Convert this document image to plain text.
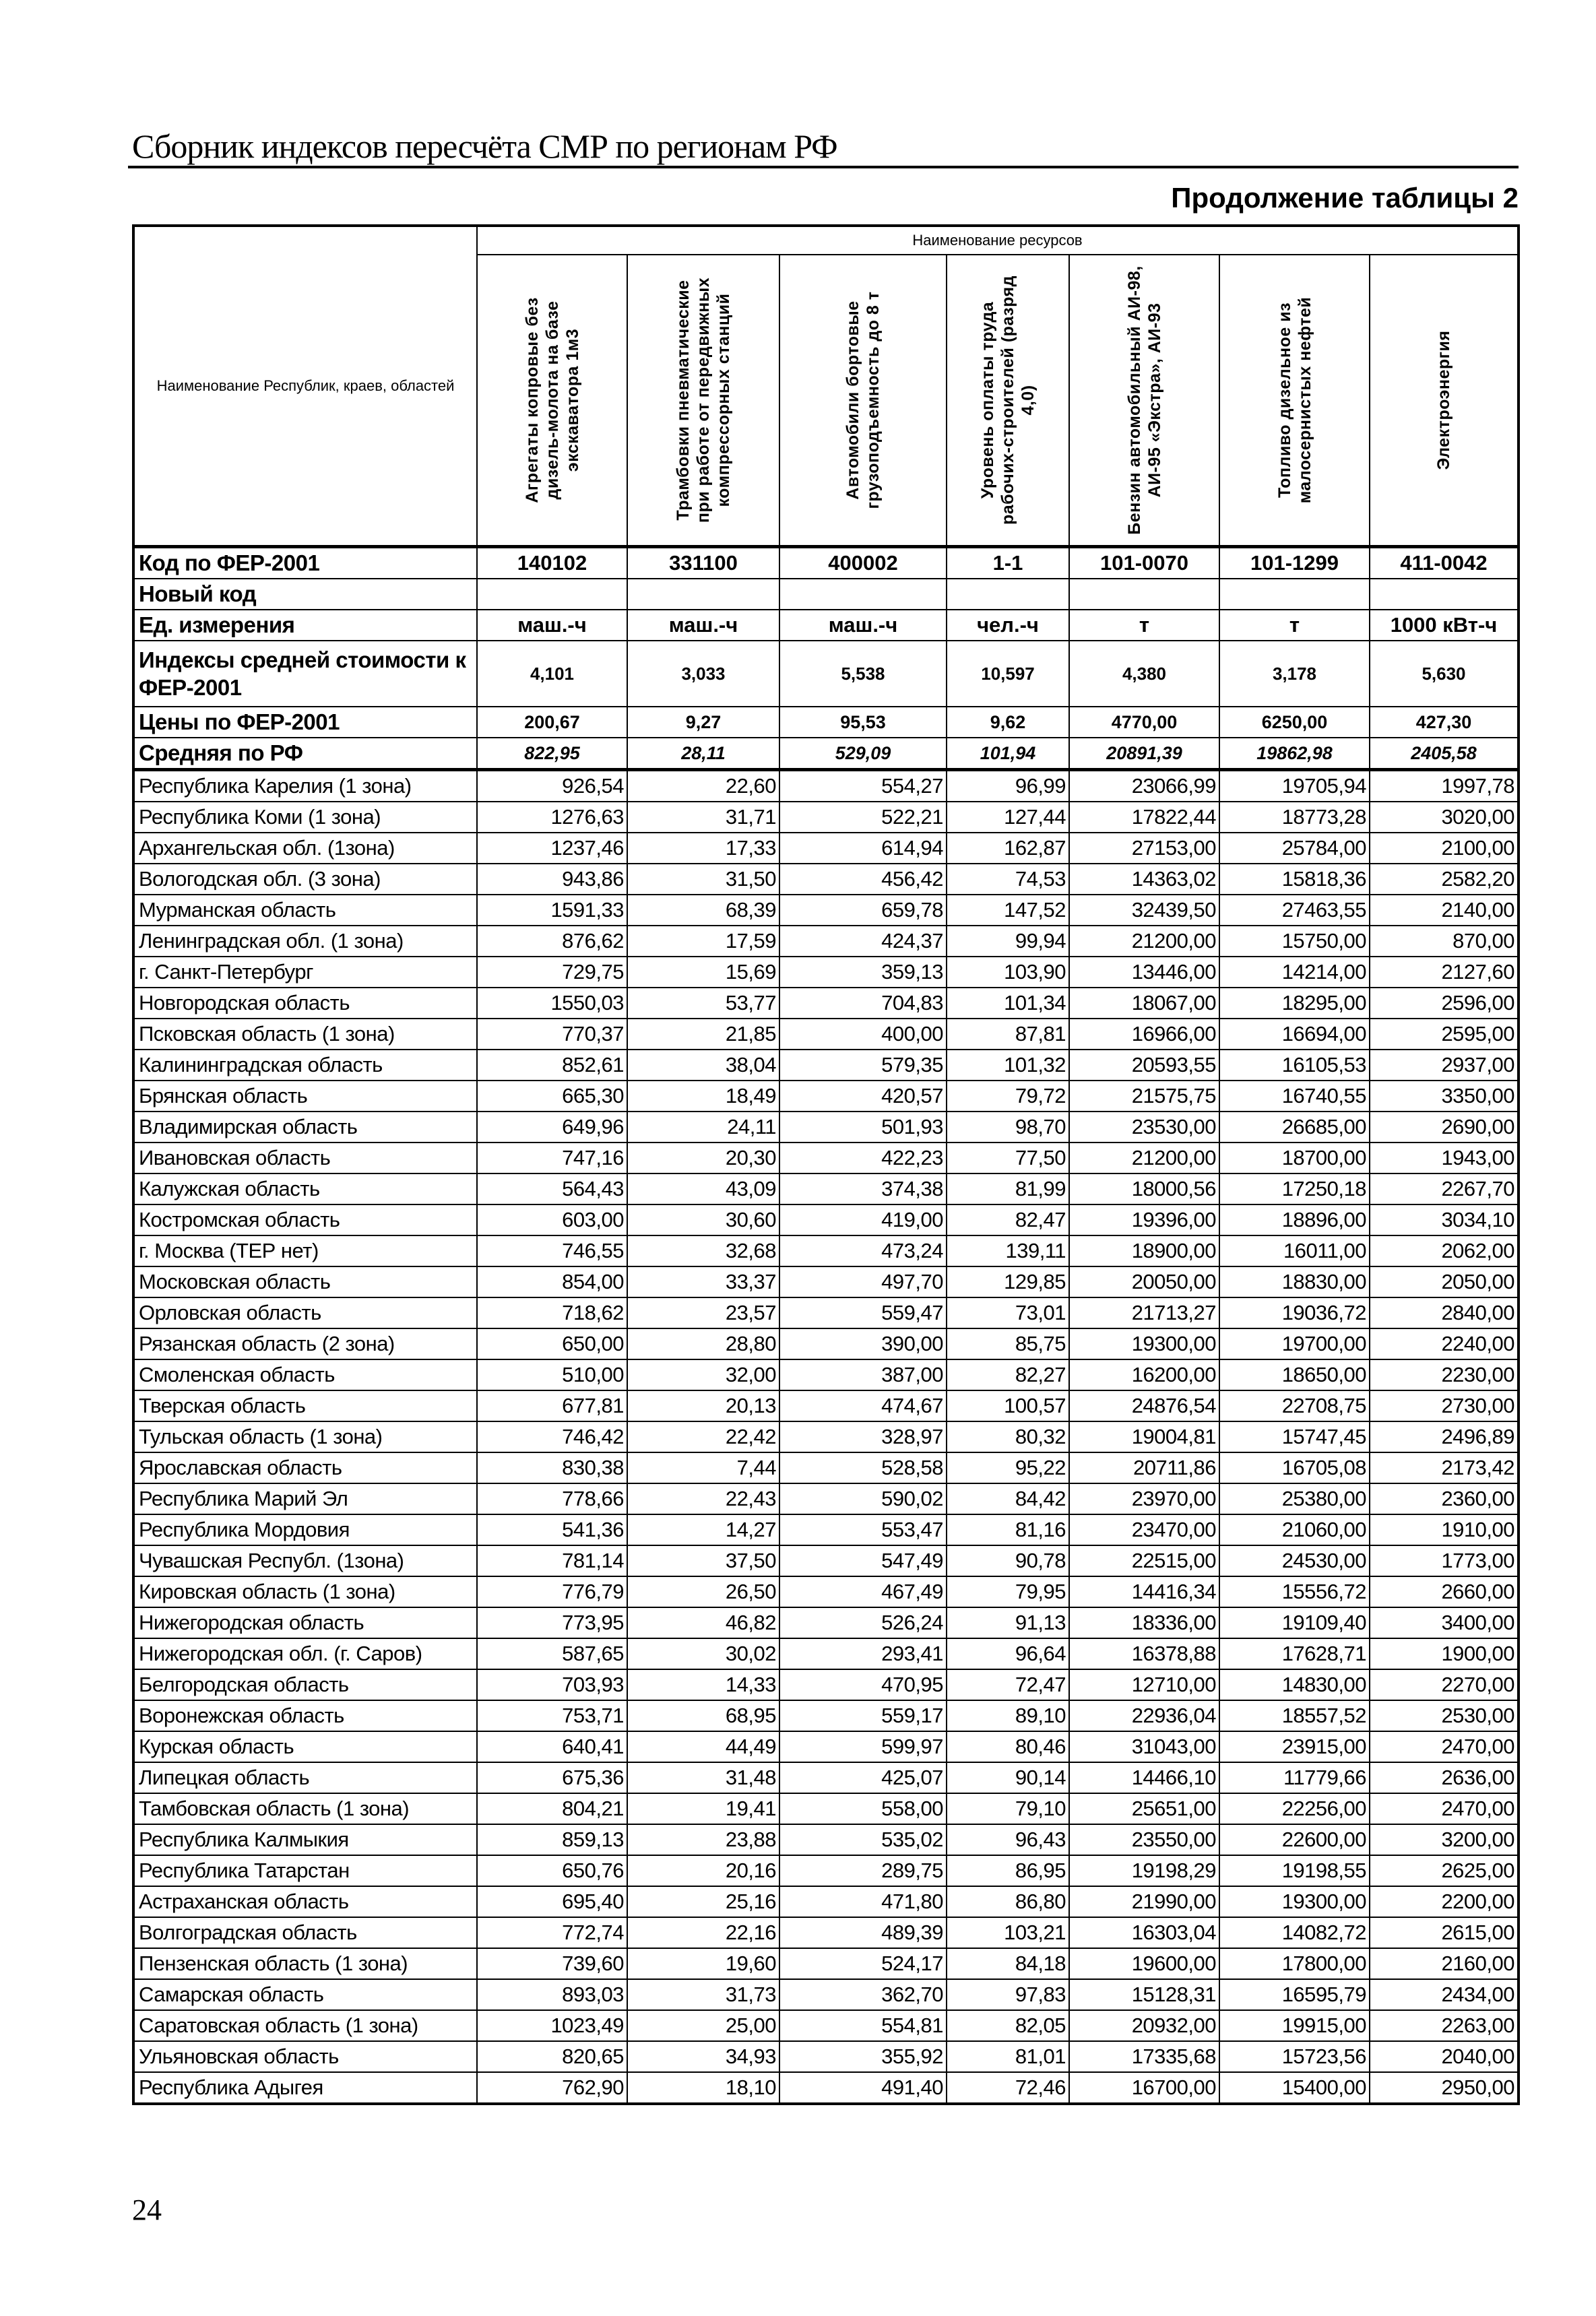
Сборник индексов пересчёта СМР по регионам РФ
Продолжение таблицы 2
Наименование Республик, краев, областей	Наименование ресурсов						

	Агрегаты копровые без дизель-молота на базе экскаватора 1м3	Трамбовки пневматические при работе от передвижных компрессорных станций	Автомобили бортовые грузоподъемность до 8 т	Уровень оплаты труда рабочих-строителей (разряд 4,0)	Бензин автомобильный АИ-98, АИ-95 «Экстра», АИ-93	Топливо дизельное из малосернистых нефтей	Электроэнергия

Код по ФЕР-2001	140102	331100	400002	1-1	101-0070	101-1299	411-0042
Новый код							
Ед. измерения	маш.-ч	маш.-ч	маш.-ч	чел.-ч	т	т	1000 кВт-ч
Индексы средней стоимости к ФЕР-2001	4,101	3,033	5,538	10,597	4,380	3,178	5,630
Цены по ФЕР-2001	200,67	9,27	95,53	9,62	4770,00	6250,00	427,30
Средняя по РФ	822,95	28,11	529,09	101,94	20891,39	19862,98	2405,58
Республика Карелия (1 зона)	926,54	22,60	554,27	96,99	23066,99	19705,94	1997,78
Республика Коми (1 зона)	1276,63	31,71	522,21	127,44	17822,44	18773,28	3020,00
Архангельская обл. (1зона)	1237,46	17,33	614,94	162,87	27153,00	25784,00	2100,00
Вологодская обл. (3 зона)	943,86	31,50	456,42	74,53	14363,02	15818,36	2582,20
Мурманская область	1591,33	68,39	659,78	147,52	32439,50	27463,55	2140,00
Ленинградская обл. (1 зона)	876,62	17,59	424,37	99,94	21200,00	15750,00	870,00
г. Санкт-Петербург	729,75	15,69	359,13	103,90	13446,00	14214,00	2127,60
Новгородская область	1550,03	53,77	704,83	101,34	18067,00	18295,00	2596,00
Псковская область (1 зона)	770,37	21,85	400,00	87,81	16966,00	16694,00	2595,00
Калининградская область	852,61	38,04	579,35	101,32	20593,55	16105,53	2937,00
Брянская область	665,30	18,49	420,57	79,72	21575,75	16740,55	3350,00
Владимирская область	649,96	24,11	501,93	98,70	23530,00	26685,00	2690,00
Ивановская область	747,16	20,30	422,23	77,50	21200,00	18700,00	1943,00
Калужская область	564,43	43,09	374,38	81,99	18000,56	17250,18	2267,70
Костромская область	603,00	30,60	419,00	82,47	19396,00	18896,00	3034,10
г. Москва (ТЕР нет)	746,55	32,68	473,24	139,11	18900,00	16011,00	2062,00
Московская область	854,00	33,37	497,70	129,85	20050,00	18830,00	2050,00
Орловская область	718,62	23,57	559,47	73,01	21713,27	19036,72	2840,00
Рязанская область (2 зона)	650,00	28,80	390,00	85,75	19300,00	19700,00	2240,00
Смоленская область	510,00	32,00	387,00	82,27	16200,00	18650,00	2230,00
Тверская область	677,81	20,13	474,67	100,57	24876,54	22708,75	2730,00
Тульская область (1 зона)	746,42	22,42	328,97	80,32	19004,81	15747,45	2496,89
Ярославская область	830,38	7,44	528,58	95,22	20711,86	16705,08	2173,42
Республика Марий Эл	778,66	22,43	590,02	84,42	23970,00	25380,00	2360,00
Республика Мордовия	541,36	14,27	553,47	81,16	23470,00	21060,00	1910,00
Чувашская Республ. (1зона)	781,14	37,50	547,49	90,78	22515,00	24530,00	1773,00
Кировская область (1 зона)	776,79	26,50	467,49	79,95	14416,34	15556,72	2660,00
Нижегородская область	773,95	46,82	526,24	91,13	18336,00	19109,40	3400,00
Нижегородская обл. (г. Саров)	587,65	30,02	293,41	96,64	16378,88	17628,71	1900,00
Белгородская область	703,93	14,33	470,95	72,47	12710,00	14830,00	2270,00
Воронежская область	753,71	68,95	559,17	89,10	22936,04	18557,52	2530,00
Курская область	640,41	44,49	599,97	80,46	31043,00	23915,00	2470,00
Липецкая область	675,36	31,48	425,07	90,14	14466,10	11779,66	2636,00
Тамбовская область (1 зона)	804,21	19,41	558,00	79,10	25651,00	22256,00	2470,00
Республика Калмыкия	859,13	23,88	535,02	96,43	23550,00	22600,00	3200,00
Республика Татарстан	650,76	20,16	289,75	86,95	19198,29	19198,55	2625,00
Астраханская область	695,40	25,16	471,80	86,80	21990,00	19300,00	2200,00
Волгоградская область	772,74	22,16	489,39	103,21	16303,04	14082,72	2615,00
Пензенская область (1 зона)	739,60	19,60	524,17	84,18	19600,00	17800,00	2160,00
Самарская область	893,03	31,73	362,70	97,83	15128,31	16595,79	2434,00
Саратовская область (1 зона)	1023,49	25,00	554,81	82,05	20932,00	19915,00	2263,00
Ульяновская область	820,65	34,93	355,92	81,01	17335,68	15723,56	2040,00
Республика Адыгея	762,90	18,10	491,40	72,46	16700,00	15400,00	2950,00
24
